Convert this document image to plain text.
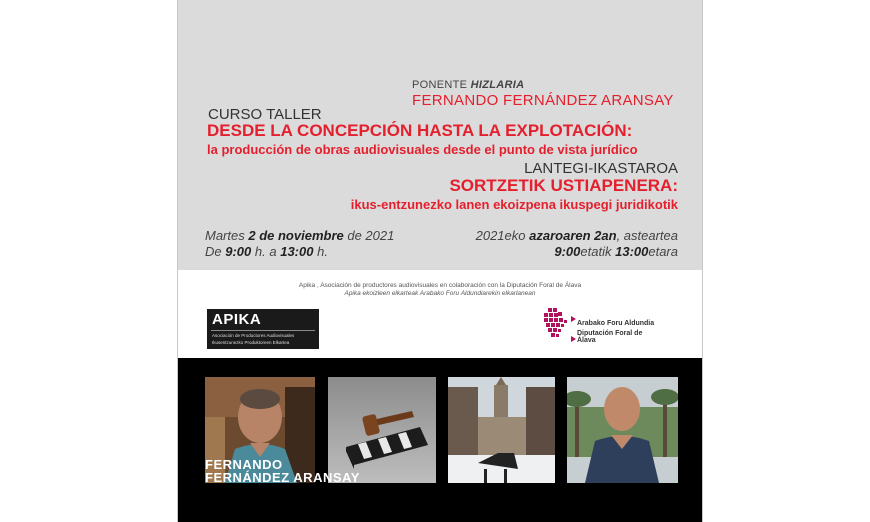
PONENTE HIZLARIA
FERNANDO FERNÁNDEZ ARANSAY
CURSO TALLER
DESDE LA CONCEPCIÓN HASTA LA EXPLOTACIÓN:
la producción de obras audiovisuales desde el punto de vista jurídico
LANTEGI-IKASTAROA
SORTZETIK USTIAPENERA:
ikus-entzunezko lanen ekoizpena ikuspegi juridikotik
Martes 2 de noviembre de 2021
De 9:00 h. a 13:00 h.
2021eko azaroaren 2an, asteartea
9:00etatik 13:00etara
Apika , Asociación de productores audiovisuales en colaboración con la Diputación Foral de Álava
Apika ekoizleen elkarteak Arabako Foru Aldundiarekin elkarlanean
APIKA
Asociación de Productores Audiovisuales
Ikusentzunezko Produktoreen Elkartea
Arabako Foru Aldundia
Diputación Foral de Álava
FERNANDO
FERNÁNDEZ ARANSAY
